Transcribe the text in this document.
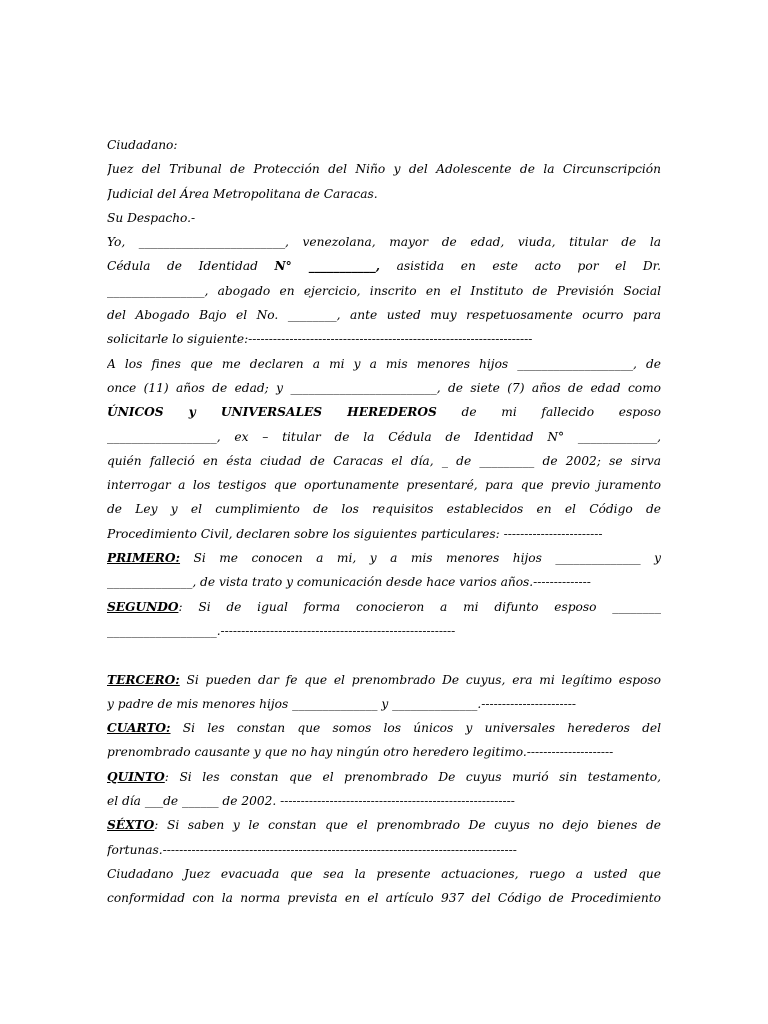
Ciudadano:
Juez del Tribunal de Protección del Niño y del Adolescente de la Circunscripción
Judicial del Área Metropolitana de Caracas.
Su Despacho.-
Yo, ________________________, venezolana, mayor de edad, viuda, titular de la
Cédula de Identidad N° ___________, asistida en este acto por el Dr.
________________, abogado en ejercicio, inscrito en el Instituto de Previsión Social
del Abogado Bajo el No. ________, ante usted muy respetuosamente ocurro para
solicitarle lo siguiente:---------------------------------------------------------------------
A los fines que me declaren a mi y a mis menores hijos ___________________, de
once (11) años de edad; y ________________________, de siete (7) años de edad como
ÚNICOS y UNIVERSALES HEREDEROS de mi fallecido esposo
__________________, ex – titular de la Cédula de Identidad N° _____________,
quién falleció en ésta ciudad de Caracas el día, _ de _________ de 2002; se sirva
interrogar a los testigos que oportunamente presentaré, para que previo juramento
de Ley y el cumplimiento de los requisitos establecidos en el Código de
Procedimiento Civil, declaren sobre los siguientes particulares: ------------------------
PRIMERO: Si me conocen a mi, y a mis menores hijos ______________ y
______________, de vista trato y comunicación desde hace varios años.--------------
SEGUNDO: Si de igual forma conocieron a mi difunto esposo ________
__________________.---------------------------------------------------------
TERCERO: Si pueden dar fe que el prenombrado De cuyus, era mi legítimo esposo
y padre de mis menores hijos ______________ y ______________.-----------------------
CUARTO: Si les constan que somos los únicos y universales herederos del
prenombrado causante y que no hay ningún otro heredero legitimo.---------------------
QUINTO: Si les constan que el prenombrado De cuyus murió sin testamento,
el día ___de ______ de 2002. ---------------------------------------------------------
SÉXTO: Si saben y le constan que el prenombrado De cuyus no dejo bienes de
fortunas.--------------------------------------------------------------------------------------
Ciudadano Juez evacuada que sea la presente actuaciones, ruego a usted que
conformidad con la norma prevista en el artículo 937 del Código de Procedimiento
